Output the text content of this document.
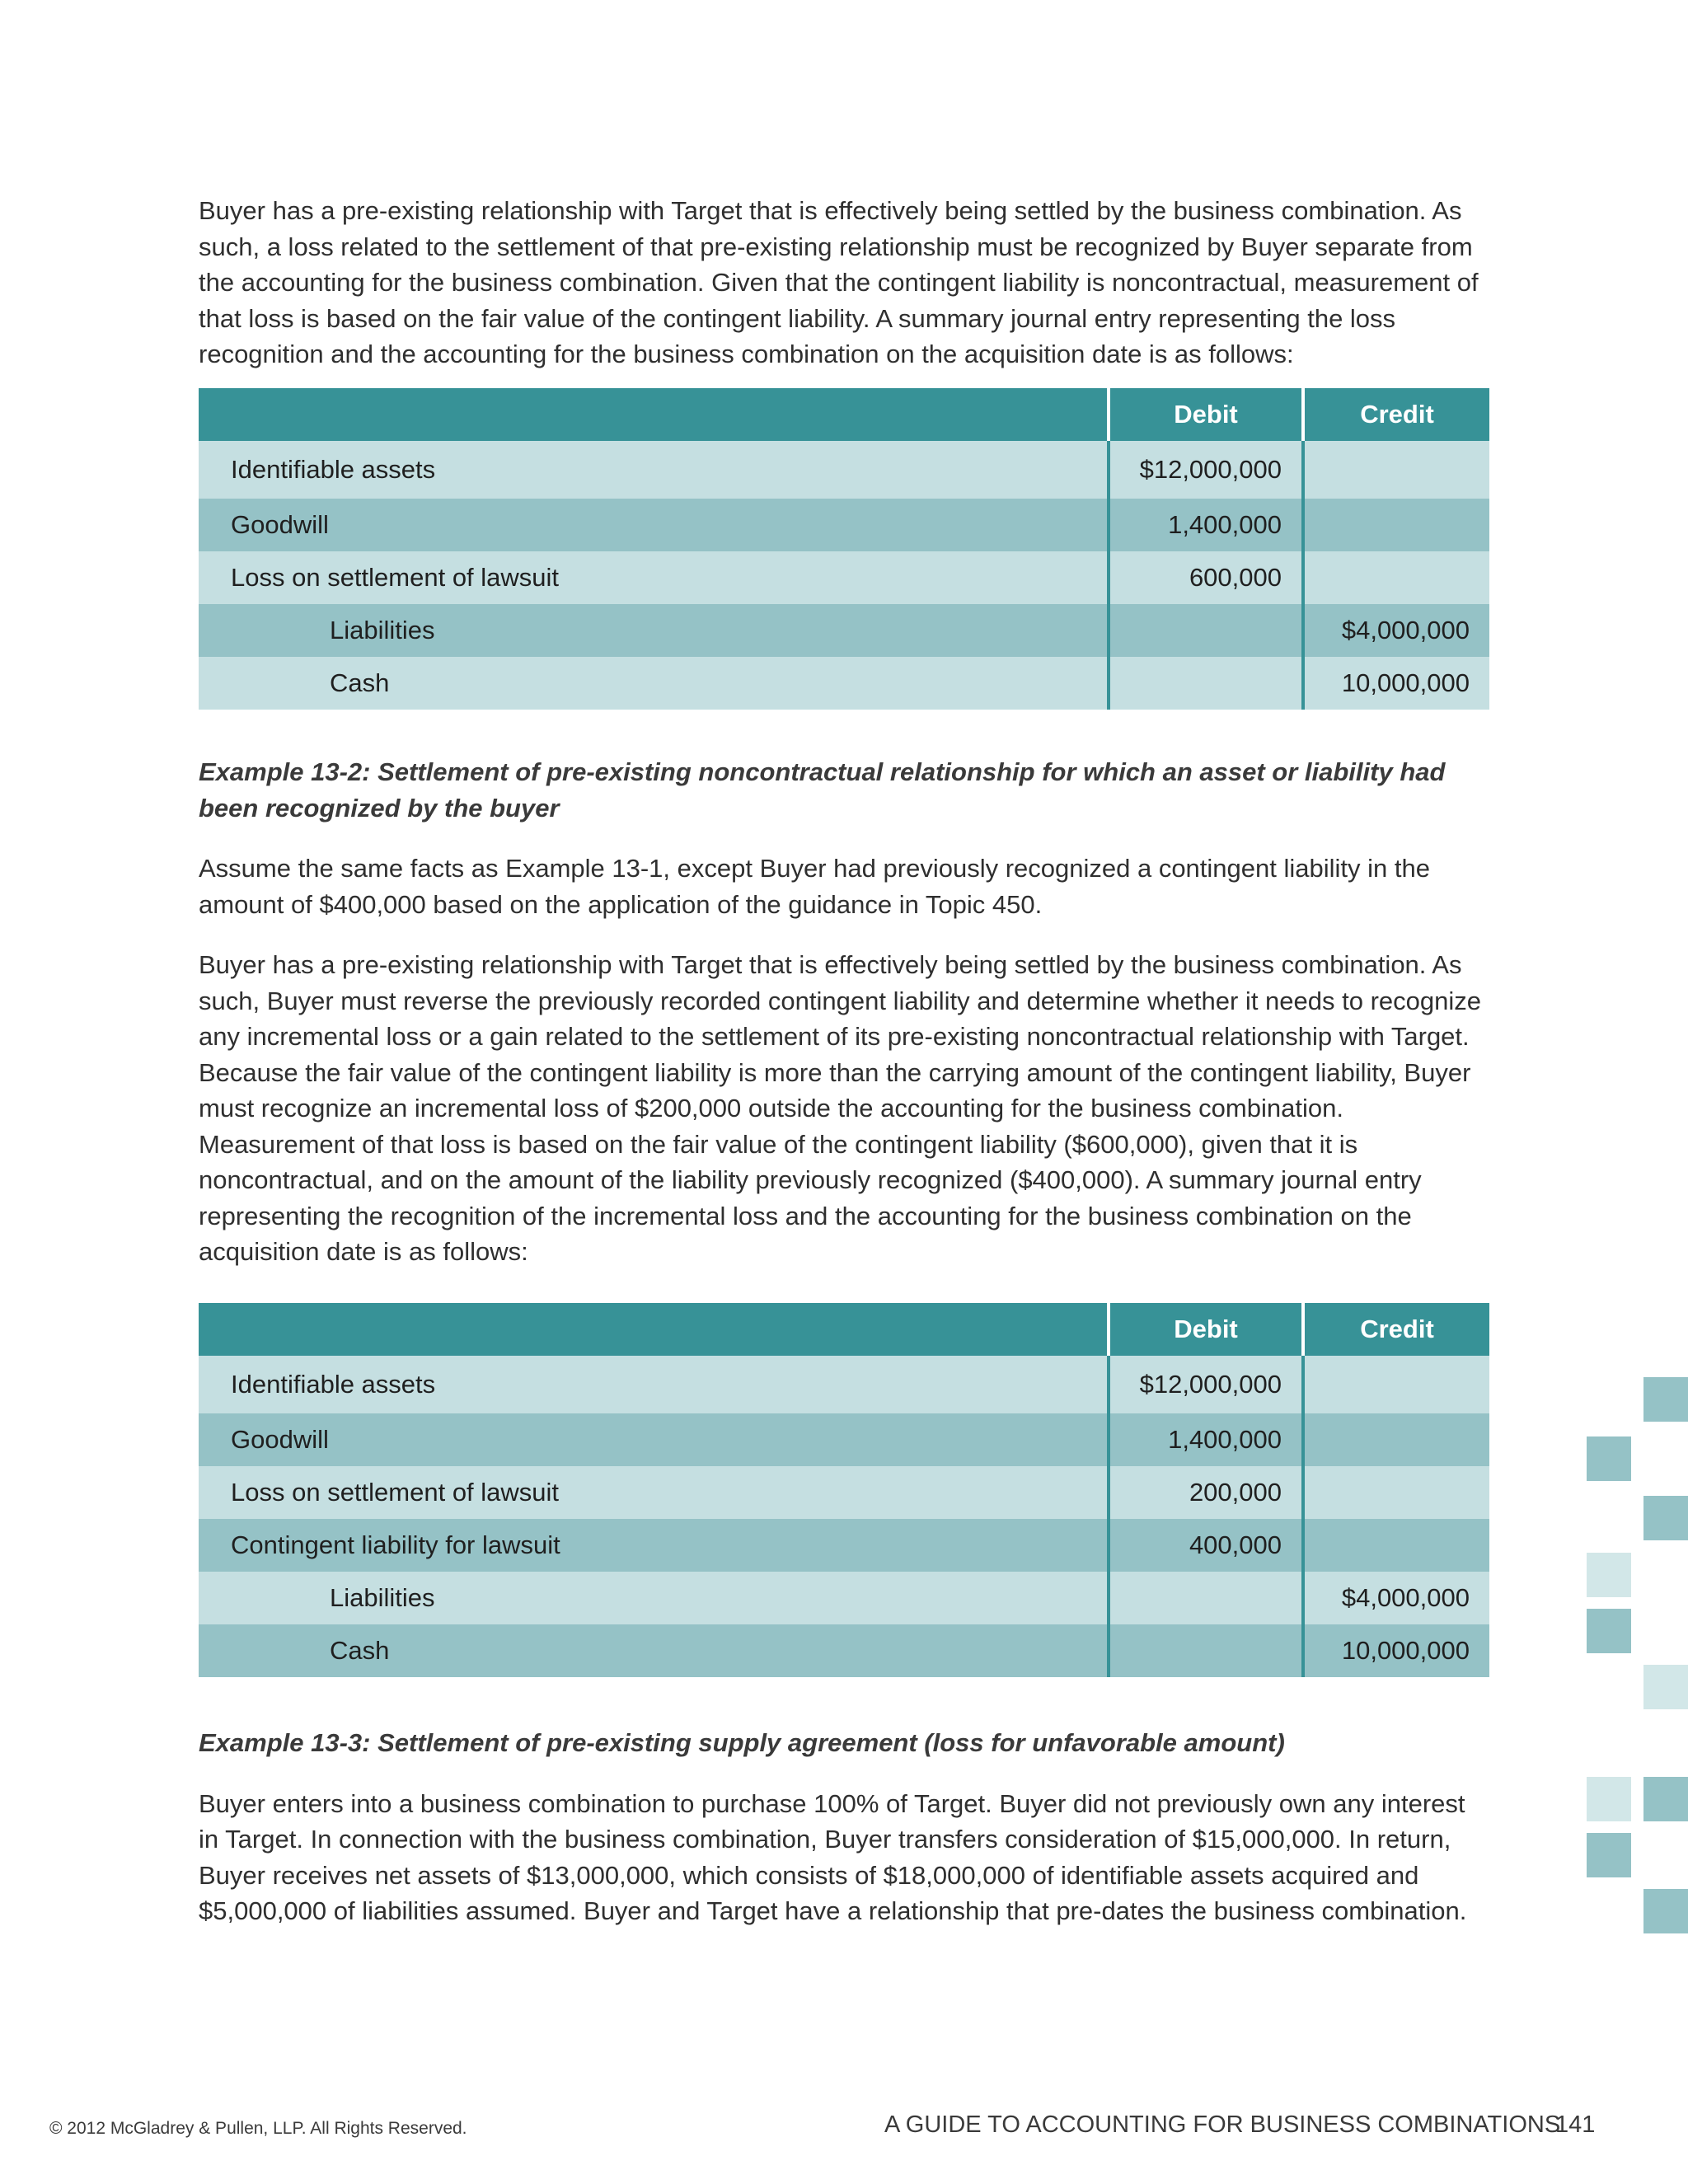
Buyer has a pre-existing relationship with Target that is effectively being settled by the business combination. As such, a loss related to the settlement of that pre-existing relationship must be recognized by Buyer separate from the accounting for the business combination. Given that the contingent liability is noncontractual, measurement of that loss is based on the fair value of the contingent liability. A summary journal entry representing the loss recognition and the accounting for the business combination on the acquisition date is as follows:

	Debit	Credit
Identifiable assets	$12,000,000	
Goodwill	1,400,000	
Loss on settlement of lawsuit	600,000	
Liabilities		$4,000,000
Cash		10,000,000

Example 13-2: Settlement of pre-existing noncontractual relationship for which an asset or liability had been recognized by the buyer

Assume the same facts as Example 13-1, except Buyer had previously recognized a contingent liability in the amount of $400,000 based on the application of the guidance in Topic 450.

Buyer has a pre-existing relationship with Target that is effectively being settled by the business combination. As such, Buyer must reverse the previously recorded contingent liability and determine whether it needs to recognize any incremental loss or a gain related to the settlement of its pre-existing noncontractual relationship with Target. Because the fair value of the contingent liability is more than the carrying amount of the contingent liability, Buyer must recognize an incremental loss of $200,000 outside the accounting for the business combination. Measurement of that loss is based on the fair value of the contingent liability ($600,000), given that it is noncontractual, and on the amount of the liability previously recognized ($400,000). A summary journal entry representing the recognition of the incremental loss and the accounting for the business combination on the acquisition date is as follows:

	Debit	Credit
Identifiable assets	$12,000,000	
Goodwill	1,400,000	
Loss on settlement of lawsuit	200,000	
Contingent liability for lawsuit	400,000	
Liabilities		$4,000,000
Cash		10,000,000

Example 13-3: Settlement of pre-existing supply agreement (loss for unfavorable amount)

Buyer enters into a business combination to purchase 100% of Target. Buyer did not previously own any interest in Target. In connection with the business combination, Buyer transfers consideration of $15,000,000. In return, Buyer receives net assets of $13,000,000, which consists of $18,000,000 of identifiable assets acquired and $5,000,000 of liabilities assumed. Buyer and Target have a relationship that pre-dates the business combination.

© 2012 McGladrey & Pullen, LLP. All Rights Reserved.	A GUIDE TO ACCOUNTING FOR BUSINESS COMBINATIONS
141
